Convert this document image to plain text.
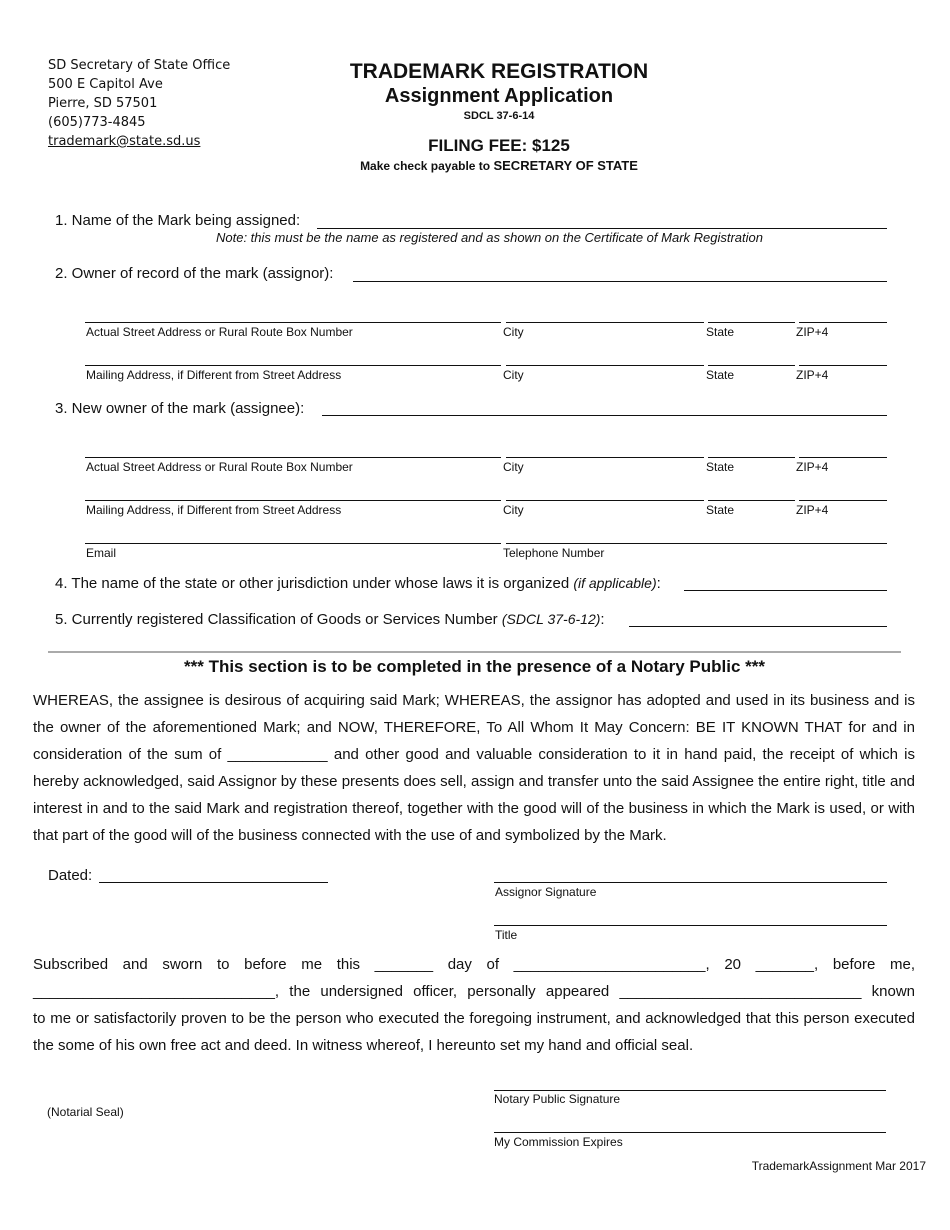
SD Secretary of State Office
500 E Capitol Ave
Pierre, SD 57501
(605)773-4845
trademark@state.sd.us
TRADEMARK REGISTRATION
Assignment Application
SDCL 37-6-14
FILING FEE: $125
Make check payable to SECRETARY OF STATE
1. Name of the Mark being assigned:
Note: this must be the name as registered and as shown on the Certificate of Mark Registration
2. Owner of record of the mark (assignor):
Actual Street Address or Rural Route Box Number	City	State	ZIP+4
Mailing Address, if Different from Street Address	City	State	ZIP+4
3. New owner of the mark (assignee):
Actual Street Address or Rural Route Box Number	City	State	ZIP+4
Mailing Address, if Different from Street Address	City	State	ZIP+4
Email	Telephone Number
4. The name of the state or other jurisdiction under whose laws it is organized (if applicable):
5. Currently registered Classification of Goods or Services Number (SDCL 37-6-12):
*** This section is to be completed in the presence of a Notary Public ***

WHEREAS, the assignee is desirous of acquiring said Mark; WHEREAS, the assignor has adopted and used in its business and is the owner of the aforementioned Mark; and NOW, THEREFORE, To All Whom It May Concern: BE IT KNOWN THAT for and in consideration of the sum of ____________ and other good and valuable consideration to it in hand paid, the receipt of which is hereby acknowledged, said Assignor by these presents does sell, assign and transfer unto the said Assignee the entire right, title and interest in and to the said Mark and registration thereof, together with the good will of the business in which the Mark is used, or with that part of the good will of the business connected with the use of and symbolized by the Mark.

Dated:
Assignor Signature
Title
Subscribed and sworn to before me this _______ day of _______________________, 20 _______, before me,
_____________________________, the undersigned officer, personally appeared _____________________________ known

to me or satisfactorily proven to be the person who executed the foregoing instrument, and acknowledged that this person executed the some of his own free act and deed. In witness whereof, I hereunto set my hand and official seal.

(Notarial Seal)
Notary Public Signature
My Commission Expires
TrademarkAssignment Mar 2017
